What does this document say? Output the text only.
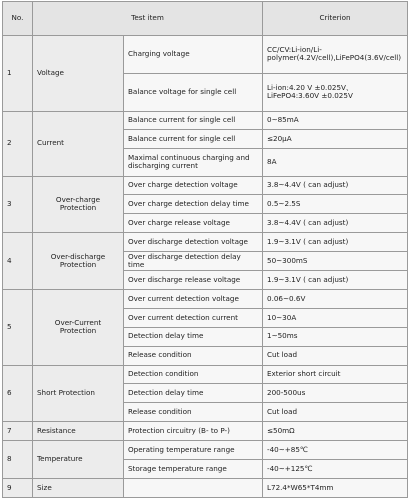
No.	Test item		Criterion
1	Voltage	Charging voltage	CC/CV:Li-ion/Li-polymer(4.2V/cell),LiFePO4(3.6V/cell)
		Balance voltage for single cell	Li-ion:4.20 V ±0.025V、LiFePO4:3.60V ±0.025V
2	Current	Balance current for single cell	0~85mA
		Balance current for single cell	≤20μA
		Maximal continuous charging and discharging current	8A
3	Over-charge Protection	Over charge detection voltage	3.8~4.4V ( can adjust)
		Over charge detection delay time	0.5~2.5S
		Over charge release voltage	3.8~4.4V ( can adjust)
4	Over-discharge Protection	Over discharge detection voltage	1.9~3.1V ( can adjust)
		Over discharge detection delay time	50~300mS
		Over discharge release voltage	1.9~3.1V ( can adjust)
5	Over-Current Protection	Over current detection voltage	0.06~0.6V
		Over current detection current	10~30A
		Detection delay time	1~50ms
		Release condition	Cut load
6	Short Protection	Detection condition	Exterior short circuit
		Detection delay time	200-500us
		Release condition	Cut load
7	Resistance	Protection circuitry (B- to P-)	≤50mΩ
8	Temperature	Operating temperature range	-40~+85℃
		Storage temperature range	-40~+125℃
9	Size		L72.4*W65*T4mm
